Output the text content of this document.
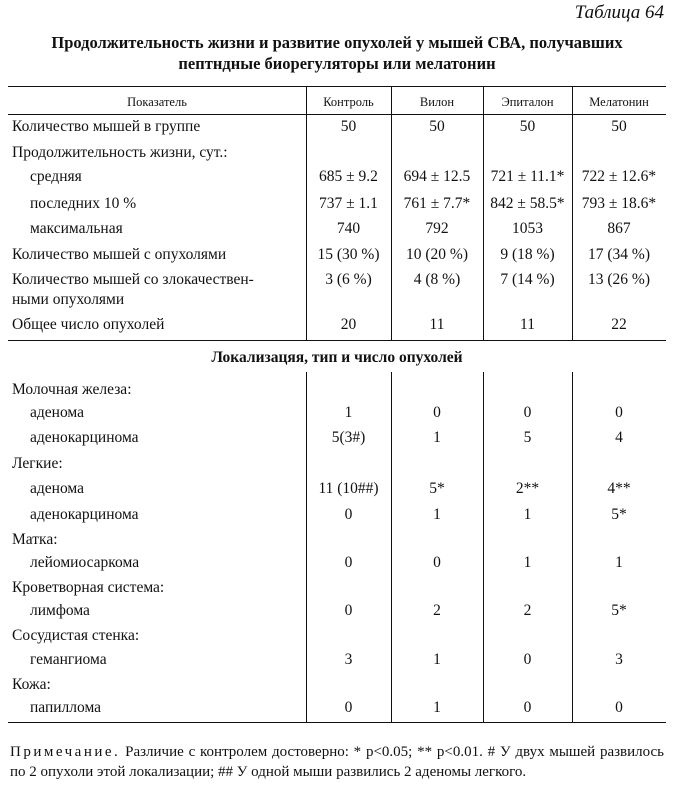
Таблица 64
Продолжительность жизни и развитие опухолей у мышей СВА, получавших
пептндные биорегуляторы или мелатонин
Показатель	Контроль	Вилон	Эпиталон	Мелатонин
Количество мышей в группе	50	50	50	50
Продолжительность жизни, сут.:
средняя	685 ± 9.2	694 ± 12.5	721 ± 11.1*	722 ± 12.6*
последних 10 %	737 ± 1.1	761 ± 7.7*	842 ± 58.5*	793 ± 18.6*
максимальная	740	792	1053	867
Количество мышей с опухолями	15 (30 %)	10 (20 %)	9 (18 %)	17 (34 %)
Количество мышей со злокачествен-
ными опухолями
3 (6 %)	4 (8 %)	7 (14 %)	13 (26 %)
Общее число опухолей	20	11	11	22
Локализацяя, тип и число опухолей
Молочная железа:
аденома	1	0	0	0
аденокарцинома	5(3#)	1	5	4
Легкие:
аденома	11 (10##)	5*	2**	4**
аденокарцинома	0	1	1	5*
Матка:
лейомиосаркома	0	0	1	1
Кроветворная система:
лимфома	0	2	2	5*
Сосудистая стенка:
гемангиома	3	1	0	3
Кожа:
папиллома	0	1	0	0
Примечание. Различие с контролем достоверно: * p<0.05; ** p<0.01. # У двух мышей развилось по 2 опухоли этой локализации; ## У одной мыши развились 2 аденомы легкого.
